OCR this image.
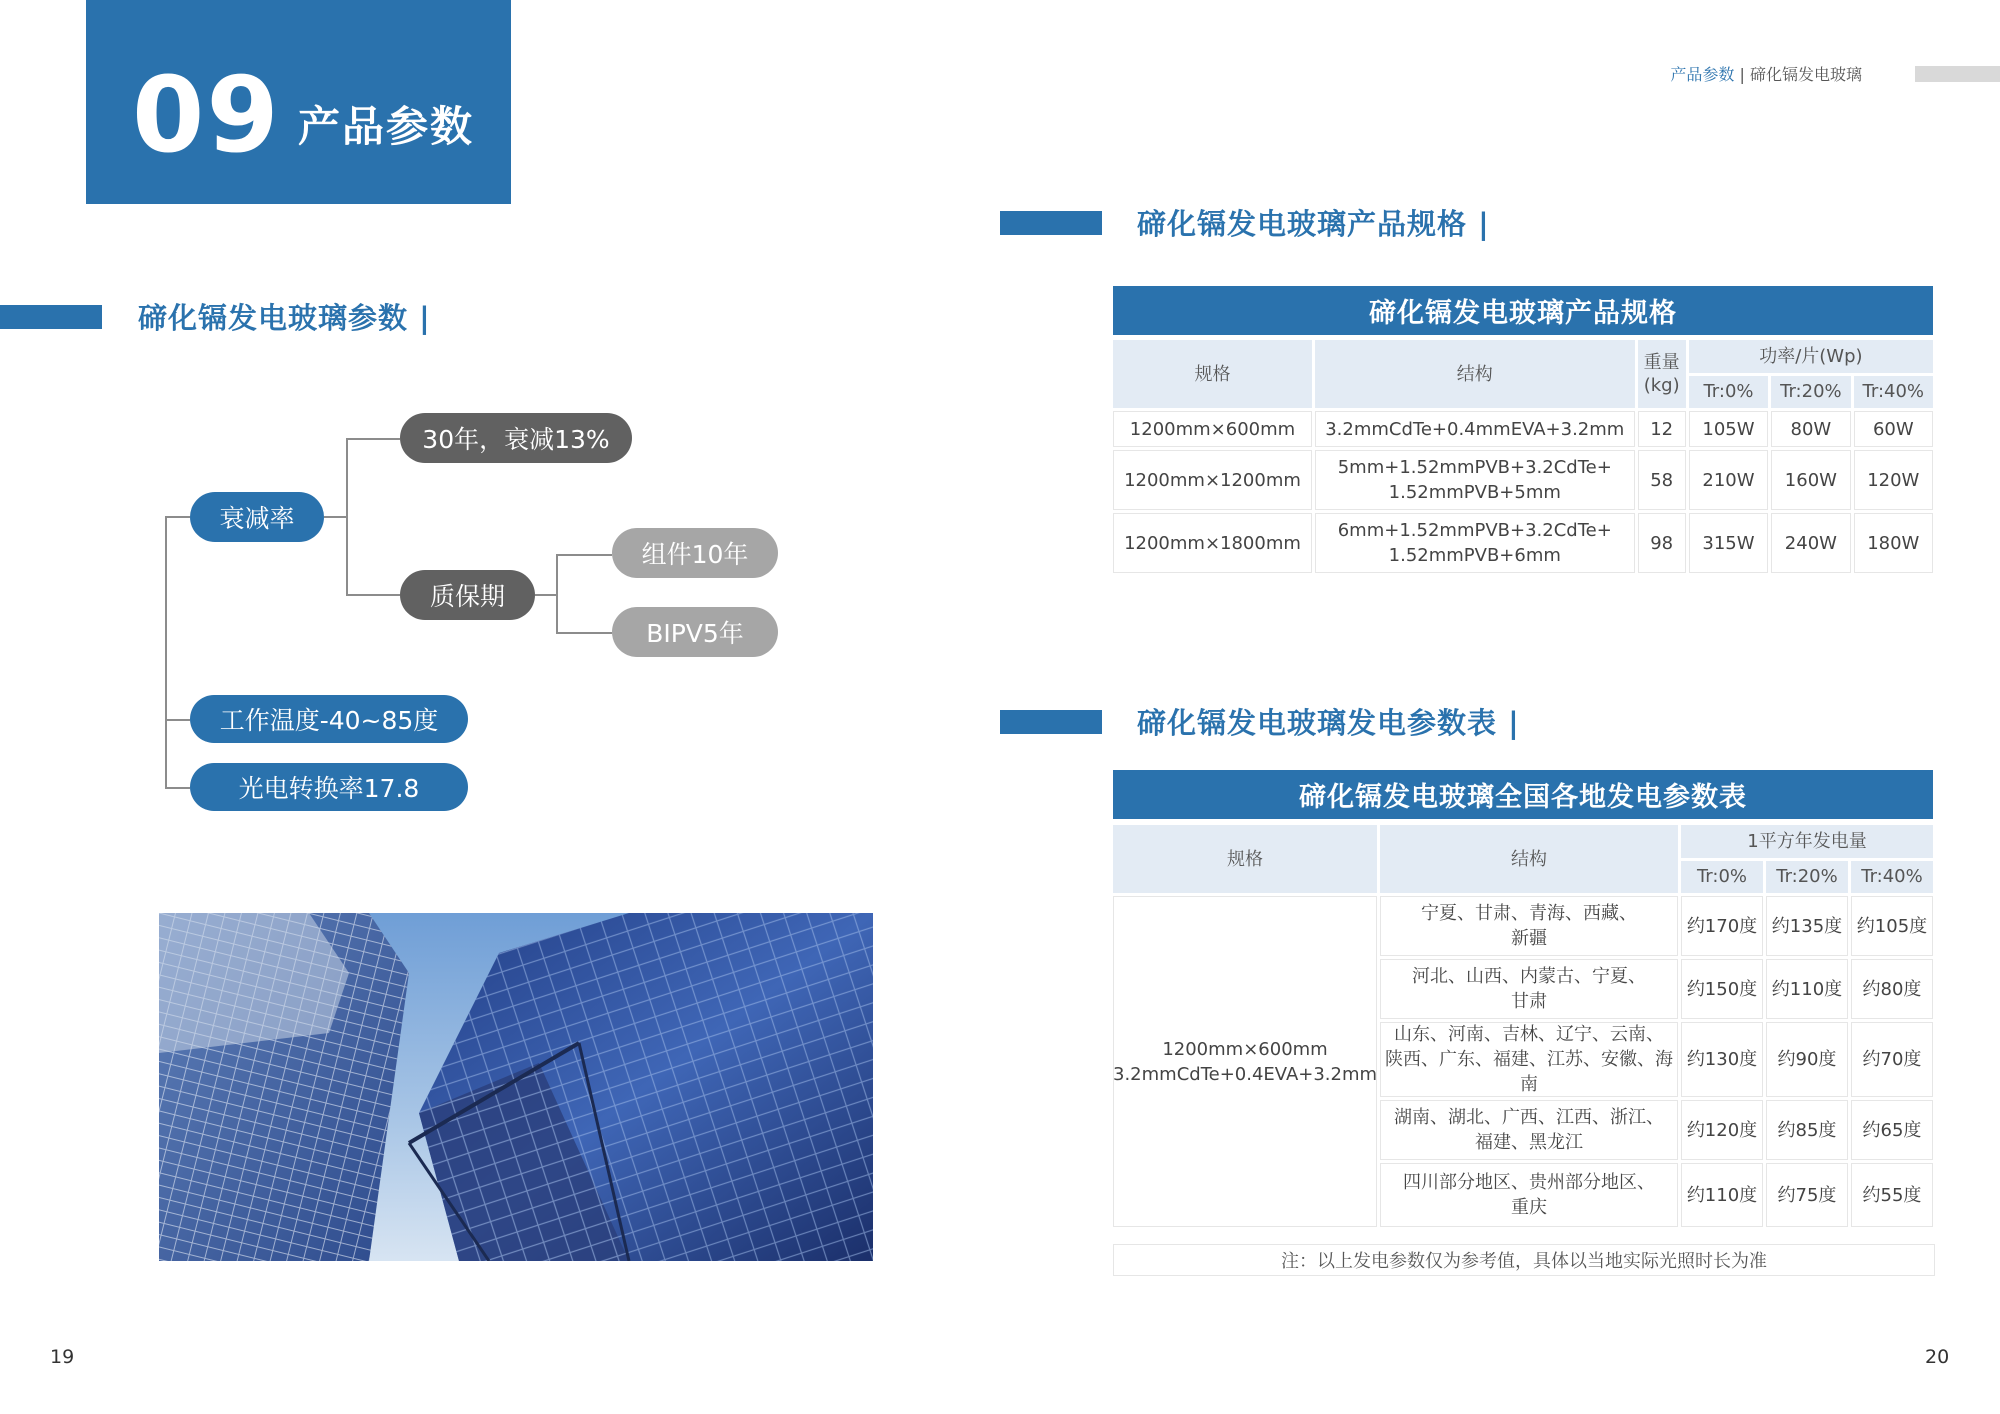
09 产品参数
产品参数 | 碲化镉发电玻璃
碲化镉发电玻璃参数 |
衰减率
30年，衰减13%
质保期
组件10年
BIPV5年
工作温度-40~85度
光电转换率17.8
碲化镉发电玻璃产品规格 |
碲化镉发电玻璃产品规格
规格	结构	重量
(kg)	功率/片(Wp)		
			Tr:0%	Tr:20%	Tr:40%
1200mm×600mm	3.2mmCdTe+0.4mmEVA+3.2mm	12	105W	80W	60W
1200mm×1200mm	5mm+1.52mmPVB+3.2CdTe+
1.52mmPVB+5mm	58	210W	160W	120W
1200mm×1800mm	6mm+1.52mmPVB+3.2CdTe+
1.52mmPVB+6mm	98	315W	240W	180W
碲化镉发电玻璃发电参数表 |
碲化镉发电玻璃全国各地发电参数表
规格	结构	1平方年发电量		
		Tr:0%	Tr:20%	Tr:40%
1200mm×600mm
3.2mmCdTe+0.4EVA+3.2mm	宁夏、甘肃、青海、西藏、
新疆	约170度	约135度	约105度
	河北、山西、内蒙古、宁夏、
甘肃	约150度	约110度	约80度
	山东、河南、吉林、辽宁、云南、
陕西、广东、福建、江苏、安徽、海南	约130度	约90度	约70度
	湖南、湖北、广西、江西、浙江、
福建、黑龙江	约120度	约85度	约65度
	四川部分地区、贵州部分地区、
重庆	约110度	约75度	约55度
注：以上发电参数仅为参考值，具体以当地实际光照时长为准
19	20
